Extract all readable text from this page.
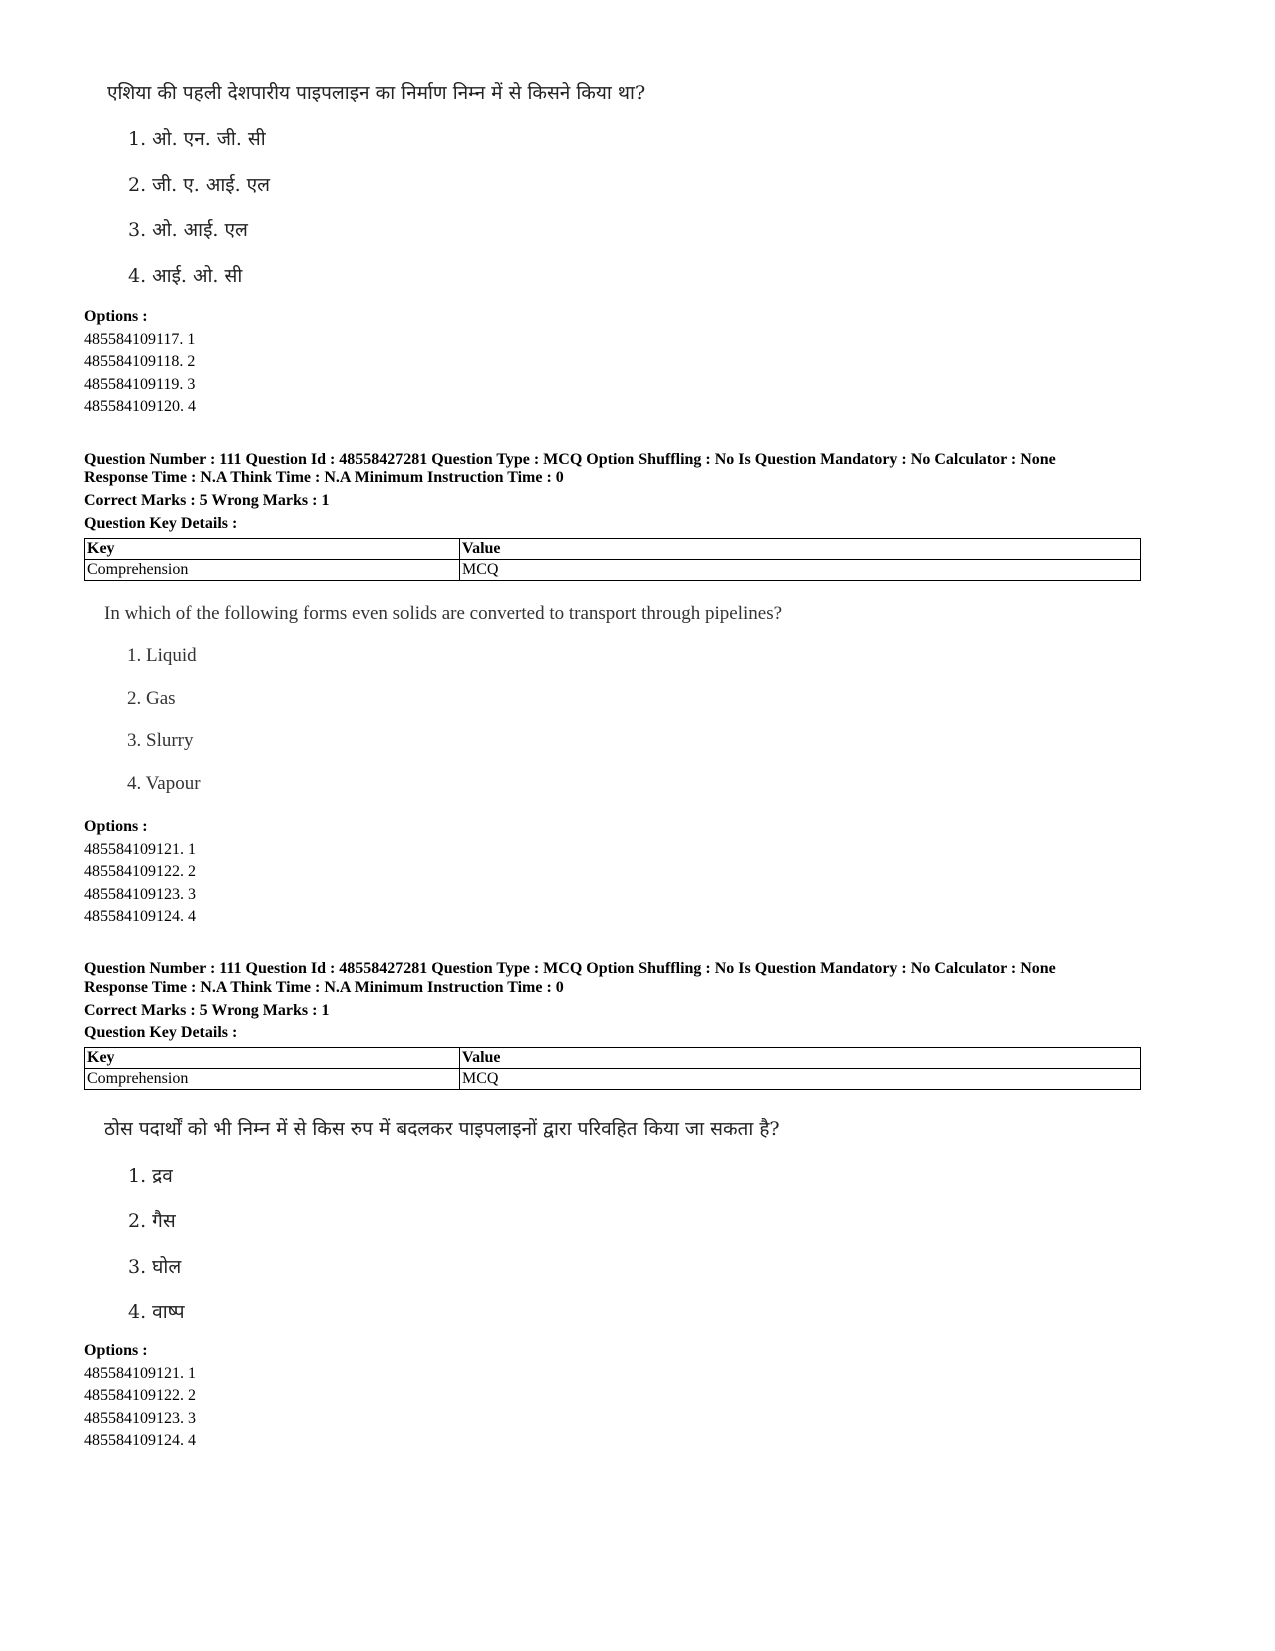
एशिया की पहली देशपारीय पाइपलाइन का निर्माण निम्न में से किसने किया था?
1. ओ. एन. जी. सी
2. जी. ए. आई. एल
3. ओ. आई. एल
4. आई. ओ. सी
Options :
485584109117. 1
485584109118. 2
485584109119. 3
485584109120. 4
Question Number : 111 Question Id : 48558427281 Question Type : MCQ Option Shuffling : No Is Question Mandatory : No Calculator : None
Response Time : N.A Think Time : N.A Minimum Instruction Time : 0
Correct Marks : 5 Wrong Marks : 1
Question Key Details :
Key	Value
Comprehension	MCQ
In which of the following forms even solids are converted to transport through pipelines?
1. Liquid
2. Gas
3. Slurry
4. Vapour
Options :
485584109121. 1
485584109122. 2
485584109123. 3
485584109124. 4
Question Number : 111 Question Id : 48558427281 Question Type : MCQ Option Shuffling : No Is Question Mandatory : No Calculator : None
Response Time : N.A Think Time : N.A Minimum Instruction Time : 0
Correct Marks : 5 Wrong Marks : 1
Question Key Details :
Key	Value
Comprehension	MCQ
ठोस पदार्थों को भी निम्न में से किस रुप में बदलकर पाइपलाइनों द्वारा परिवहित किया जा सकता है?
1. द्रव
2. गैस
3. घोल
4. वाष्प
Options :
485584109121. 1
485584109122. 2
485584109123. 3
485584109124. 4
